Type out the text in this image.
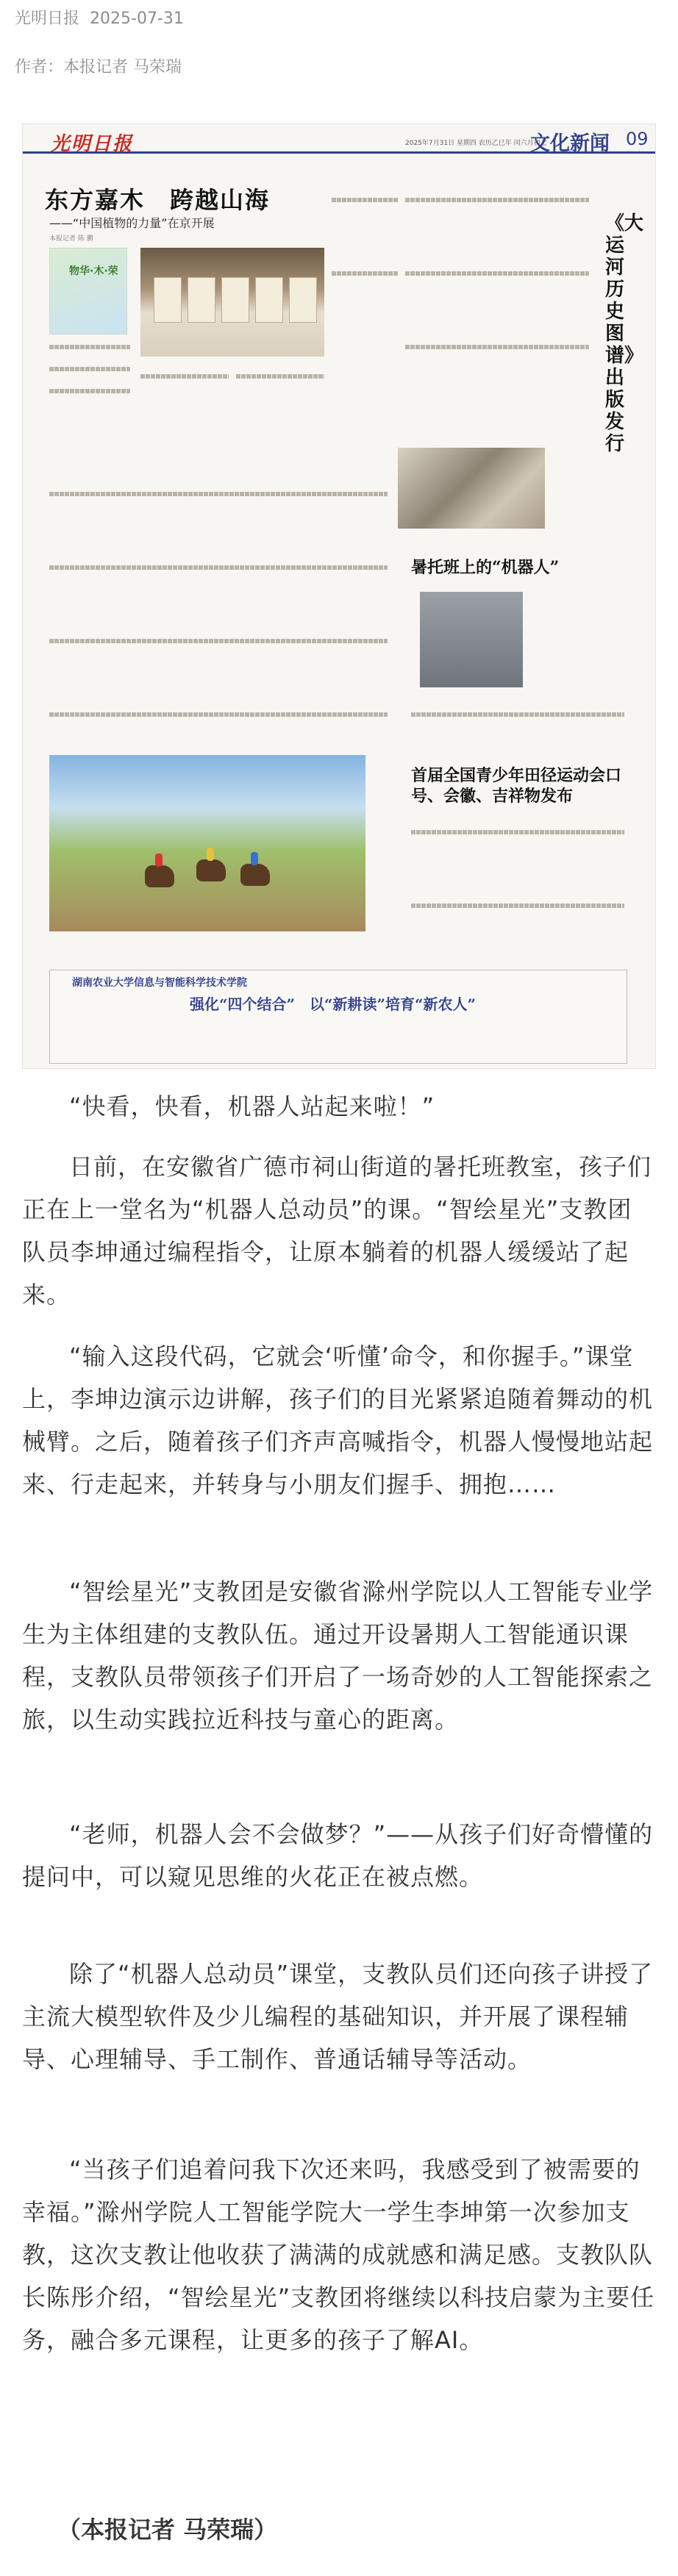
光明日报 2025-07-31
作者：本报记者 马荣瑞
光明日报	2025年7月31日 星期四 农历乙巳年 闰六月初七
文化新闻 09
东方嘉木　跨越山海
——“中国植物的力量”在京开展
本报记者 陈 鹏
物华·木·荣
《大运河历史图谱》出版发行
暑托班上的“机器人”
首届全国青少年田径运动会口号、会徽、吉祥物发布
湖南农业大学信息与智能科学技术学院
强化“四个结合”　以“新耕读”培育“新农人”

“快看，快看，机器人站起来啦！”

日前，在安徽省广德市祠山街道的暑托班教室，孩子们正在上一堂名为“机器人总动员”的课。“智绘星光”支教团队员李坤通过编程指令，让原本躺着的机器人缓缓站了起来。

“输入这段代码，它就会‘听懂’命令，和你握手。”课堂上，李坤边演示边讲解，孩子们的目光紧紧追随着舞动的机械臂。之后，随着孩子们齐声高喊指令，机器人慢慢地站起来、行走起来，并转身与小朋友们握手、拥抱……

“智绘星光”支教团是安徽省滁州学院以人工智能专业学生为主体组建的支教队伍。通过开设暑期人工智能通识课程，支教队员带领孩子们开启了一场奇妙的人工智能探索之旅，以生动实践拉近科技与童心的距离。

“老师，机器人会不会做梦？”——从孩子们好奇懵懂的提问中，可以窥见思维的火花正在被点燃。

除了“机器人总动员”课堂，支教队员们还向孩子讲授了主流大模型软件及少儿编程的基础知识，并开展了课程辅导、心理辅导、手工制作、普通话辅导等活动。

“当孩子们追着问我下次还来吗，我感受到了被需要的幸福。”滁州学院人工智能学院大一学生李坤第一次参加支教，这次支教让他收获了满满的成就感和满足感。支教队队长陈彤介绍，“智绘星光”支教团将继续以科技启蒙为主要任务，融合多元课程，让更多的孩子了解AI。

（本报记者 马荣瑞）
